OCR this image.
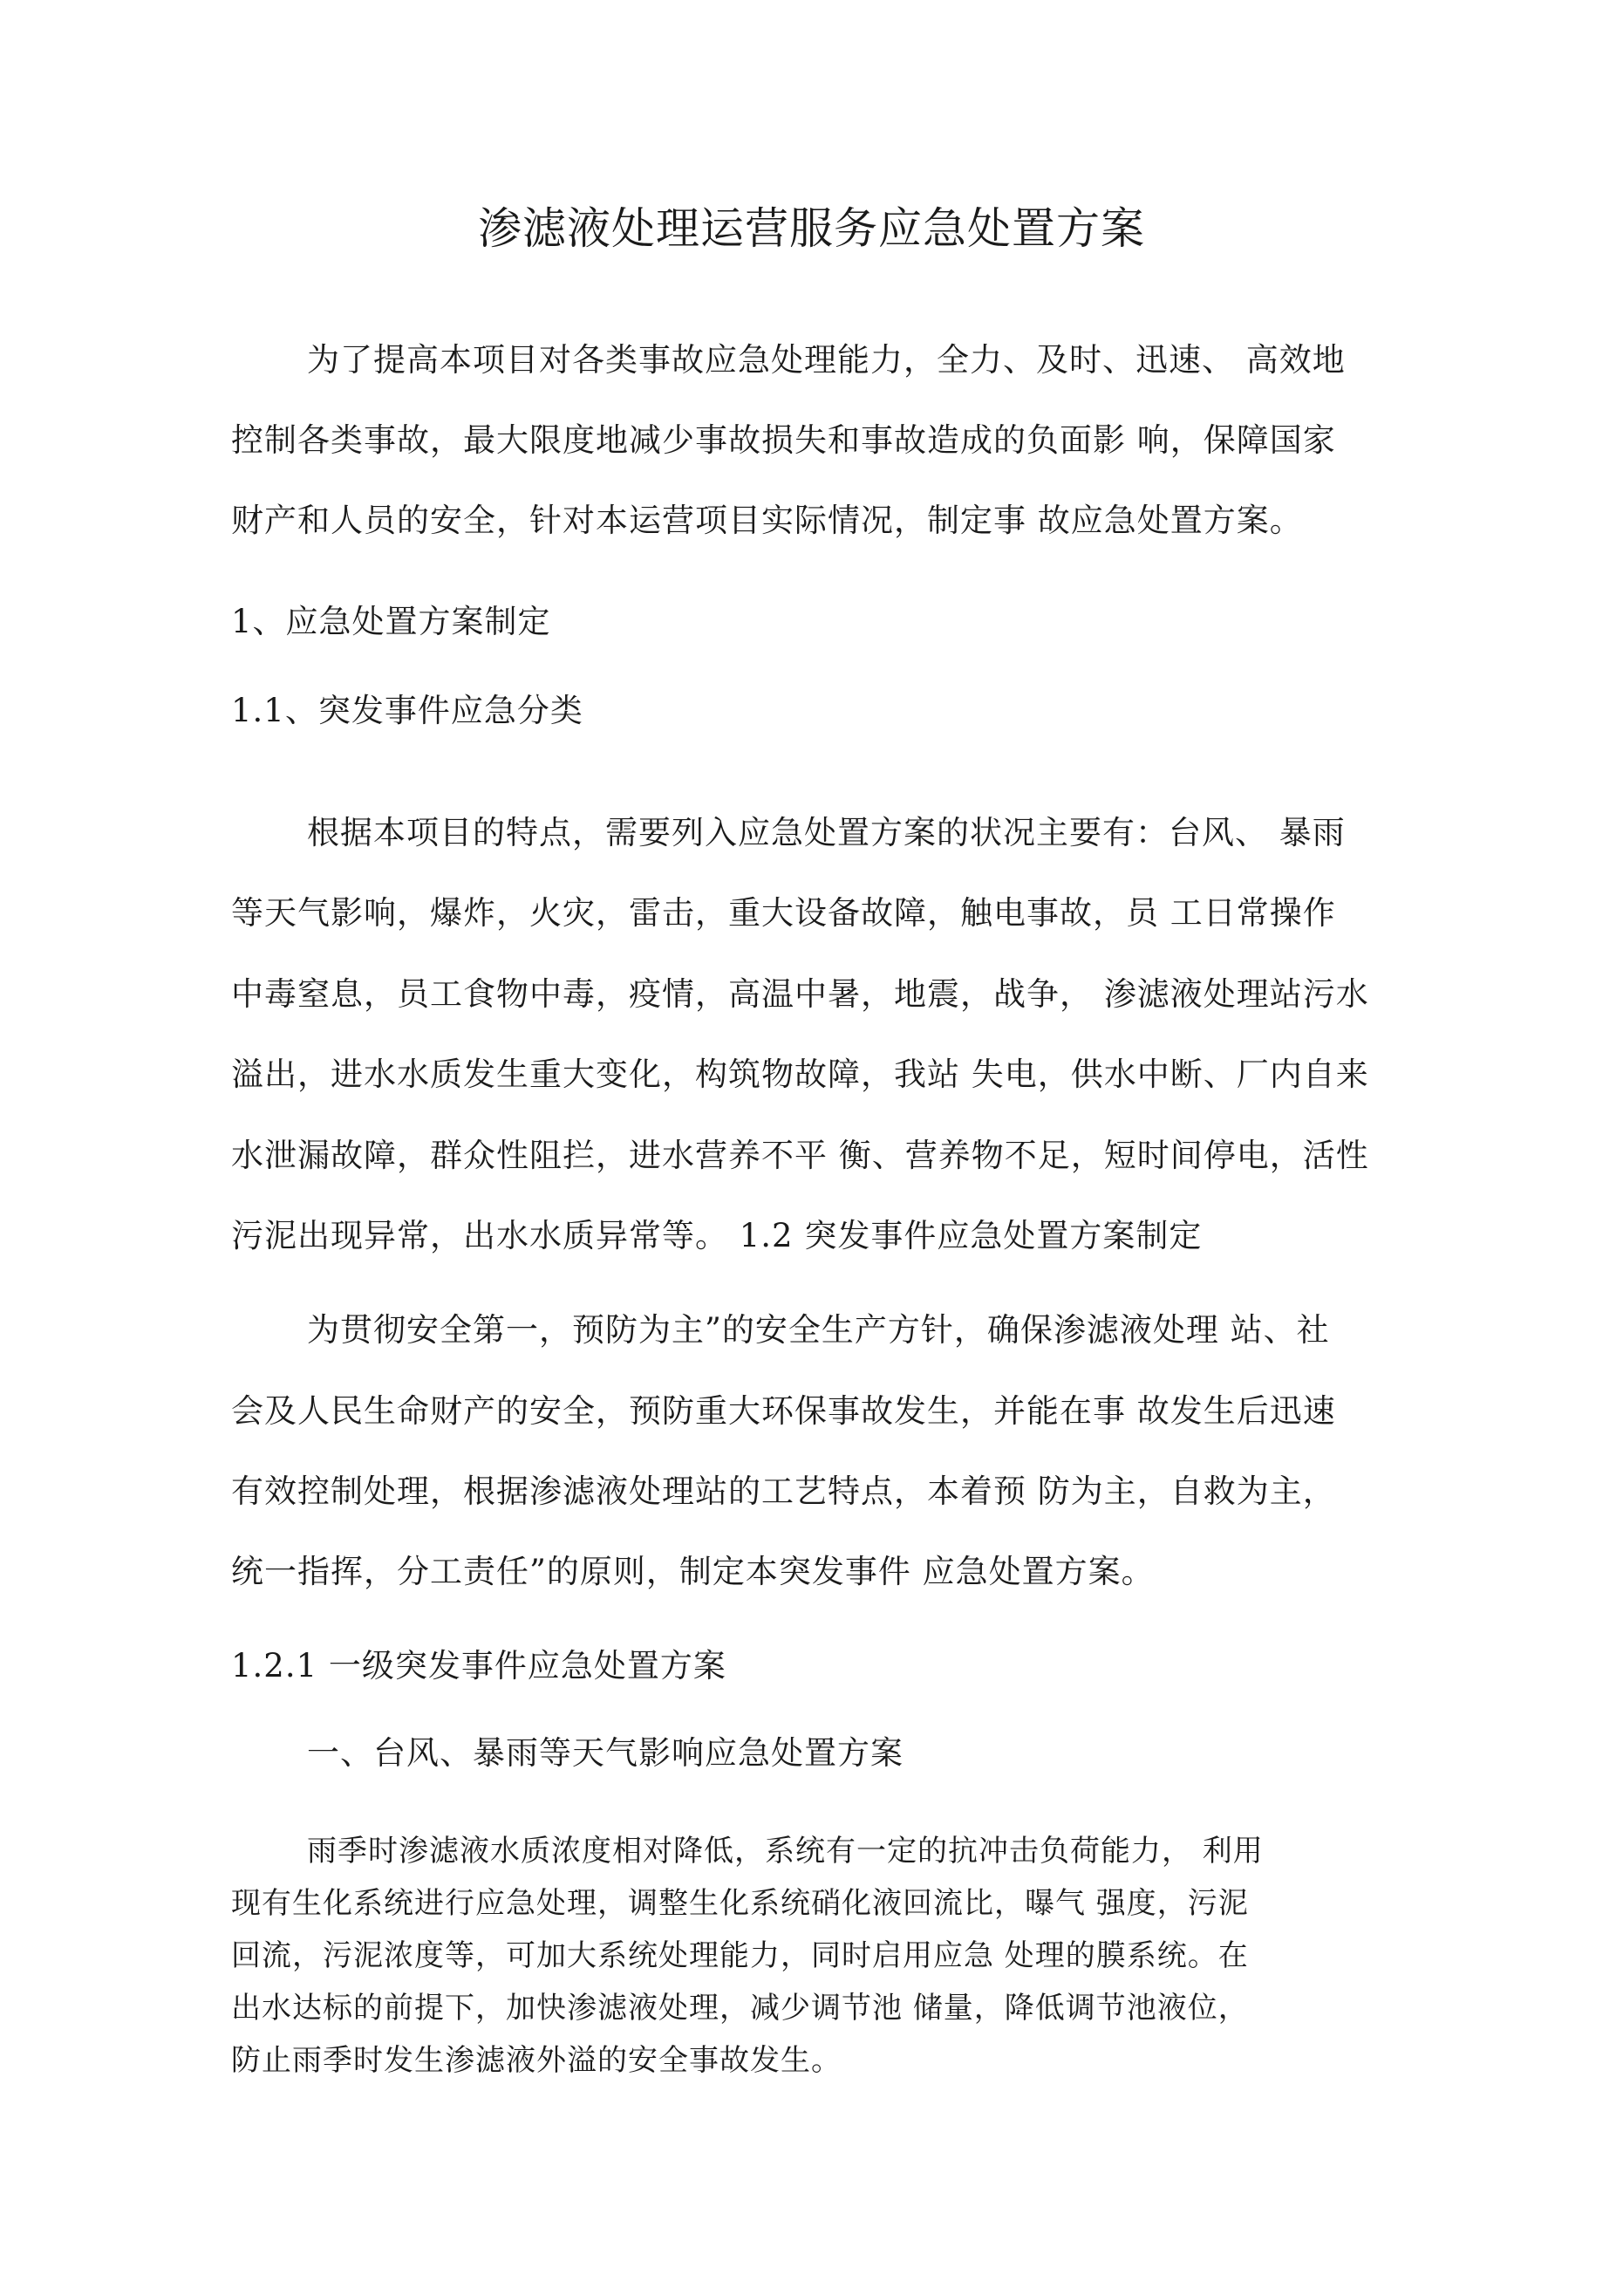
渗滤液处理运营服务应急处置方案
为了提高本项目对各类事故应急处理能力，全力、及时、迅速、 高效地
控制各类事故，最大限度地减少事故损失和事故造成的负面影 响，保障国家
财产和人员的安全，针对本运营项目实际情况，制定事 故应急处置方案。
1、应急处置方案制定
1.1、突发事件应急分类
根据本项目的特点，需要列入应急处置方案的状况主要有：台风、 暴雨
等天气影响，爆炸，火灾，雷击，重大设备故障，触电事故，员 工日常操作
中毒窒息，员工食物中毒，疫情，高温中暑，地震，战争， 渗滤液处理站污水
溢出，进水水质发生重大变化，构筑物故障，我站 失电，供水中断、厂内自来
水泄漏故障，群众性阻拦，进水营养不平 衡、营养物不足，短时间停电，活性
污泥出现异常，出水水质异常等。 1.2 突发事件应急处置方案制定
为贯彻安全第一，预防为主”的安全生产方针，确保渗滤液处理 站、社
会及人民生命财产的安全，预防重大环保事故发生，并能在事 故发生后迅速
有效控制处理，根据渗滤液处理站的工艺特点，本着预 防为主，自救为主，
统一指挥，分工责任”的原则，制定本突发事件 应急处置方案。
1.2.1 一级突发事件应急处置方案
一、台风、暴雨等天气影响应急处置方案
雨季时渗滤液水质浓度相对降低，系统有一定的抗冲击负荷能力， 利用
现有生化系统进行应急处理，调整生化系统硝化液回流比，曝气 强度，污泥
回流，污泥浓度等，可加大系统处理能力，同时启用应急 处理的膜系统。在
出水达标的前提下，加快渗滤液处理，减少调节池 储量，降低调节池液位，
防止雨季时发生渗滤液外溢的安全事故发生。
